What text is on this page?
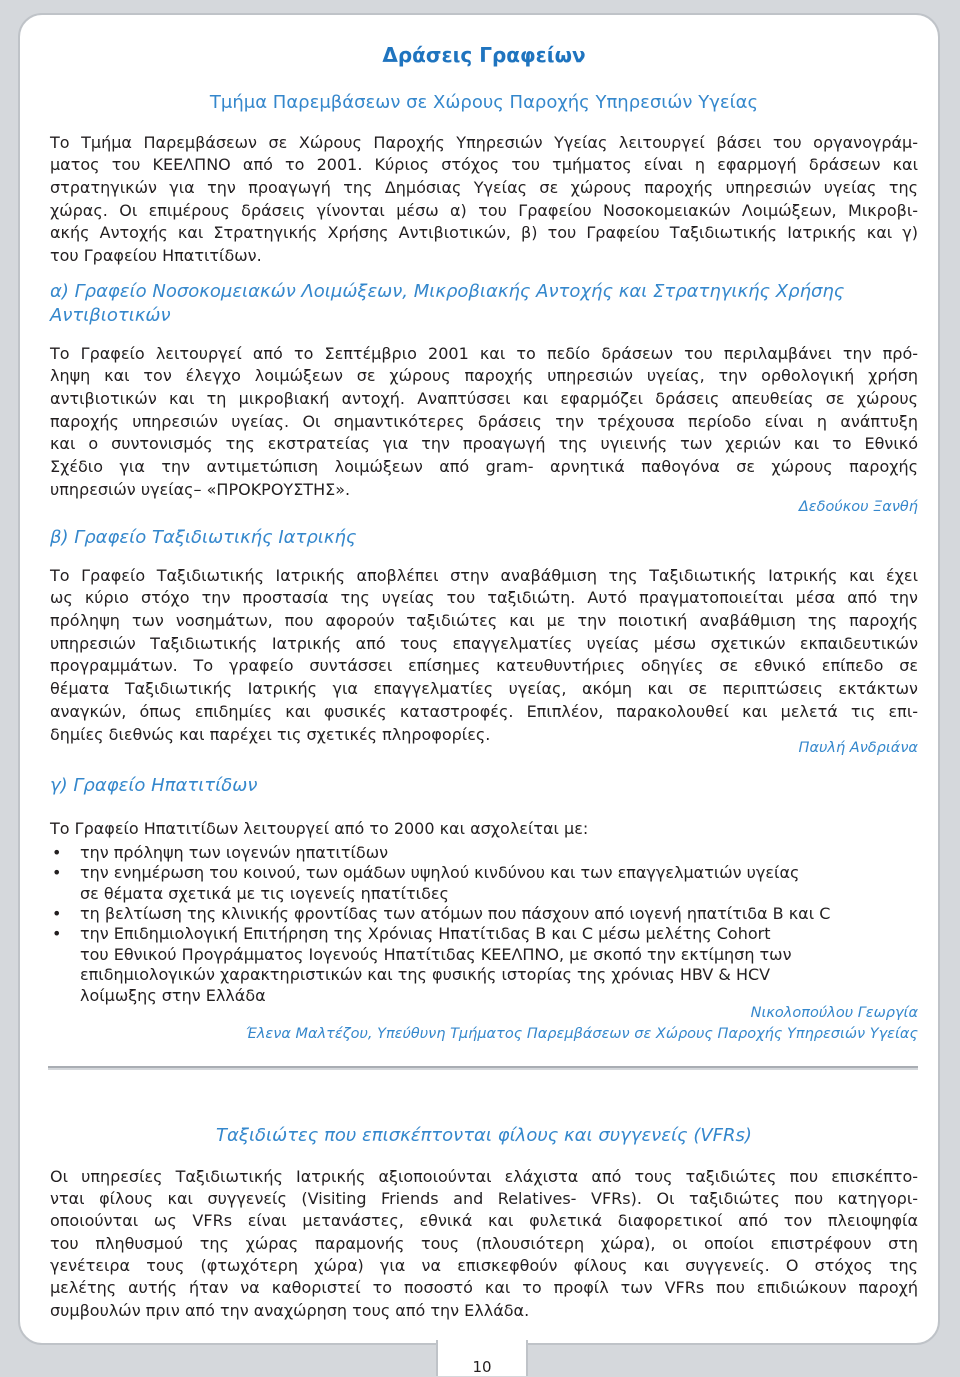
10
Δράσεις Γραφείων
Τμήμα Παρεμβάσεων σε Χώρους Παροχής Υπηρεσιών Υγείας
Το Τμήμα Παρεμβάσεων σε Χώρους Παροχής Υπηρεσιών Υγείας λειτουργεί βάσει του οργανογράμ-
ματος του ΚΕΕΛΠΝΟ από το 2001. Κύριος στόχος του τμήματος είναι η εφαρμογή δράσεων και
στρατηγικών για την προαγωγή της Δημόσιας Υγείας σε χώρους παροχής υπηρεσιών υγείας της
χώρας. Οι επιμέρους δράσεις γίνονται μέσω α) του Γραφείου Νοσοκομειακών Λοιμώξεων, Μικροβι-
ακής Αντοχής και Στρατηγικής Χρήσης Αντιβιοτικών, β) του Γραφείου Ταξιδιωτικής Ιατρικής και γ)
του Γραφείου Ηπατιτίδων.
α) Γραφείο Νοσοκομειακών Λοιμώξεων, Μικροβιακής Αντοχής και Στρατηγικής Χρήσης
Αντιβιοτικών
Το Γραφείο λειτουργεί από το Σεπτέμβριο 2001 και το πεδίο δράσεων του περιλαμβάνει την πρό-
ληψη και τον έλεγχο λοιμώξεων σε χώρους παροχής υπηρεσιών υγείας, την ορθολογική χρήση
αντιβιοτικών και τη μικροβιακή αντοχή. Αναπτύσσει και εφαρμόζει δράσεις απευθείας σε χώρους
παροχής υπηρεσιών υγείας. Οι σημαντικότερες δράσεις την τρέχουσα περίοδο είναι η ανάπτυξη
και ο συντονισμός της εκστρατείας για την προαγωγή της υγιεινής των χεριών και το Εθνικό
Σχέδιο για την αντιμετώπιση λοιμώξεων από gram- αρνητικά παθογόνα σε χώρους παροχής
υπηρεσιών υγείας– «ΠΡΟΚΡΟΥΣΤΗΣ».
Δεδούκου Ξανθή
β) Γραφείο Ταξιδιωτικής Ιατρικής
Το Γραφείο Ταξιδιωτικής Ιατρικής αποβλέπει στην αναβάθμιση της Ταξιδιωτικής Ιατρικής και έχει
ως κύριο στόχο την προστασία της υγείας του ταξιδιώτη. Αυτό πραγματοποιείται μέσα από την
πρόληψη των νοσημάτων, που αφορούν ταξιδιώτες και με την ποιοτική αναβάθμιση της παροχής
υπηρεσιών Ταξιδιωτικής Ιατρικής από τους επαγγελματίες υγείας μέσω σχετικών εκπαιδευτικών
προγραμμάτων. Το γραφείο συντάσσει επίσημες κατευθυντήριες οδηγίες σε εθνικό επίπεδο σε
θέματα Ταξιδιωτικής Ιατρικής για επαγγελματίες υγείας, ακόμη και σε περιπτώσεις εκτάκτων
αναγκών, όπως επιδημίες και φυσικές καταστροφές. Επιπλέον, παρακολουθεί και μελετά τις επι-
δημίες διεθνώς και παρέχει τις σχετικές πληροφορίες.
Παυλή Ανδριάνα
γ) Γραφείο Ηπατιτίδων
Το Γραφείο Ηπατιτίδων λειτουργεί από το 2000 και ασχολείται με:
•
την πρόληψη των ιογενών ηπατιτίδων
•
την ενημέρωση του κοινού, των ομάδων υψηλού κινδύνου και των επαγγελματιών υγείας
σε θέματα σχετικά με τις ιογενείς ηπατίτιδες
•
τη βελτίωση της κλινικής φροντίδας των ατόμων που πάσχουν από ιογενή ηπατίτιδα Β και C
•
την Επιδημιολογική Επιτήρηση της Χρόνιας Ηπατίτιδας Β και C μέσω μελέτης Cohort
του Εθνικού Προγράμματος Ιογενούς Ηπατίτιδας ΚΕΕΛΠΝΟ, με σκοπό την εκτίμηση των
επιδημιολογικών χαρακτηριστικών και της φυσικής ιστορίας της χρόνιας HBV & HCV
λοίμωξης στην Ελλάδα
Νικολοπούλου Γεωργία
Έλενα Μαλτέζου, Υπεύθυνη Τμήματος Παρεμβάσεων σε Χώρους Παροχής Υπηρεσιών Υγείας
Ταξιδιώτες που επισκέπτονται φίλους και συγγενείς (VFRs)
Οι υπηρεσίες Ταξιδιωτικής Ιατρικής αξιοποιούνται ελάχιστα από τους ταξιδιώτες που επισκέπτο-
νται φίλους και συγγενείς (Visiting Friends and Relatives- VFRs). Οι ταξιδιώτες που κατηγορι-
οποιούνται ως VFRs είναι μετανάστες, εθνικά και φυλετικά διαφορετικοί από τον πλειοψηφία
του πληθυσμού της χώρας παραμονής τους (πλουσιότερη χώρα), οι οποίοι επιστρέφουν στη
γενέτειρα τους (φτωχότερη χώρα) για να επισκεφθούν φίλους και συγγενείς. Ο στόχος της
μελέτης αυτής ήταν να καθοριστεί το ποσοστό και το προφίλ των VFRs που επιδιώκουν παροχή
συμβουλών πριν από την αναχώρηση τους από την Ελλάδα.
